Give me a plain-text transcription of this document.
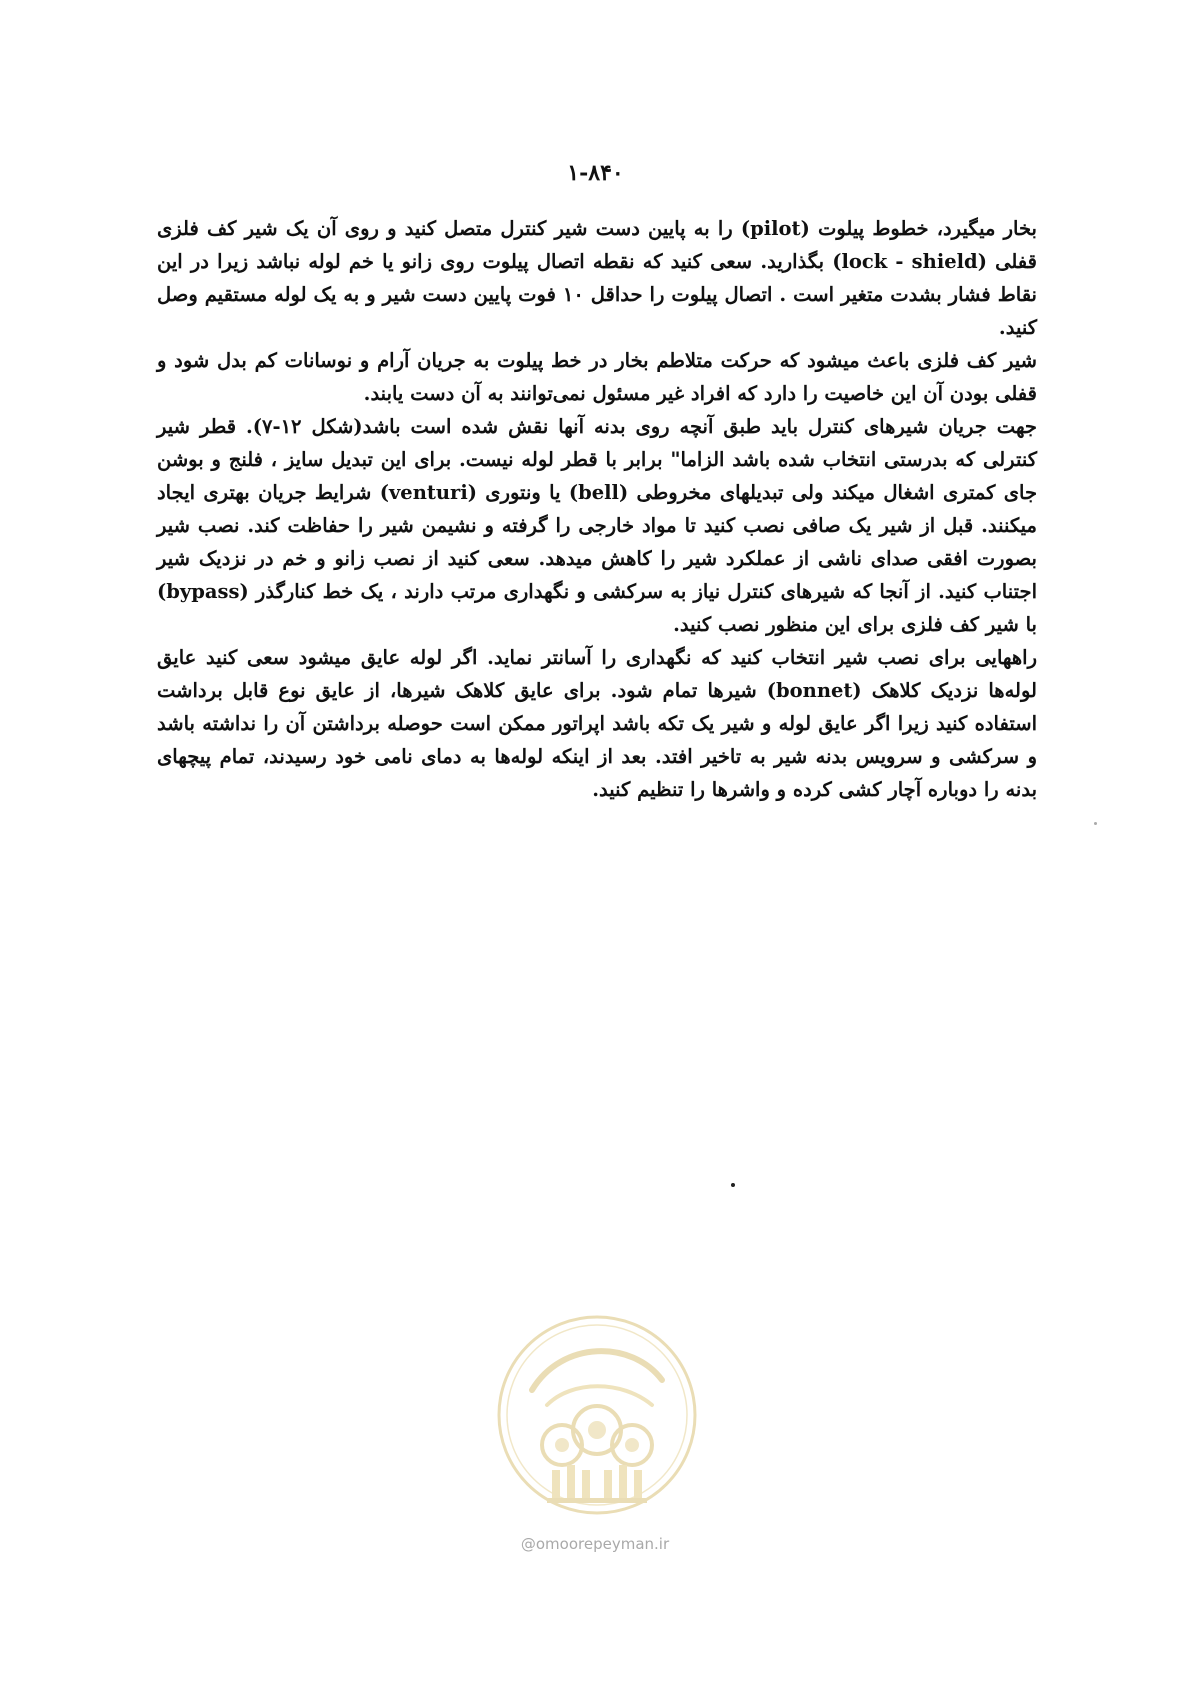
٨-١۴٠

بخار میگیرد، خطوط پیلوت (pilot) را به پایین دست شیر کنترل متصل کنید و روی آن یک شیر کف فلزی قفلی (lock - shield) بگذارید. سعی کنید که نقطه اتصال پیلوت روی زانو یا خم لوله نباشد زیرا در این نقاط فشار بشدت متغیر است . اتصال پیلوت را حداقل ١٠ فوت پایین دست شیر و به یک لوله مستقیم وصل کنید.

شیر کف فلزی باعث میشود که حرکت متلاطم بخار در خط پیلوت به جریان آرام و نوسانات کم بدل شود و قفلی بودن آن این خاصیت را دارد که افراد غیر مسئول نمی‌توانند به آن دست یابند.

جهت جریان شیرهای کنترل باید طبق آنچه روی بدنه آنها نقش شده است باشد(شکل ١٢-٧). قطر شیر کنترلی که بدرستی انتخاب شده باشد الزاما" برابر با قطر لوله نیست. برای این تبدیل سایز ، فلنج و بوشن جای کمتری اشغال میکند ولی تبدیلهای مخروطی (bell) یا ونتوری (venturi) شرایط جریان بهتری ایجاد میکنند. قبل از شیر یک صافی نصب کنید تا مواد خارجی را گرفته و نشیمن شیر را حفاظت کند. نصب شیر بصورت افقی صدای ناشی از عملکرد شیر را کاهش میدهد. سعی کنید از نصب زانو و خم در نزدیک شیر اجتناب کنید. از آنجا که شیرهای کنترل نیاز به سرکشی و نگهداری مرتب دارند ، یک خط کنارگذر (bypass) با شیر کف فلزی برای این منظور نصب کنید.

راههایی برای نصب شیر انتخاب کنید که نگهداری را آسانتر نماید. اگر لوله عایق میشود سعی کنید عایق لوله‌ها نزدیک کلاهک (bonnet) شیرها تمام شود. برای عایق کلاهک شیرها، از عایق نوع قابل برداشت استفاده کنید زیرا اگر عایق لوله و شیر یک تکه باشد اپراتور ممکن است حوصله برداشتن آن را نداشته باشد و سرکشی و سرویس بدنه شیر به تاخیر افتد. بعد از اینکه لوله‌ها به دمای نامی خود رسیدند، تمام پیچهای بدنه را دوباره آچار کشی کرده و واشرها را تنظیم کنید.

@omoorepeyman.ir
